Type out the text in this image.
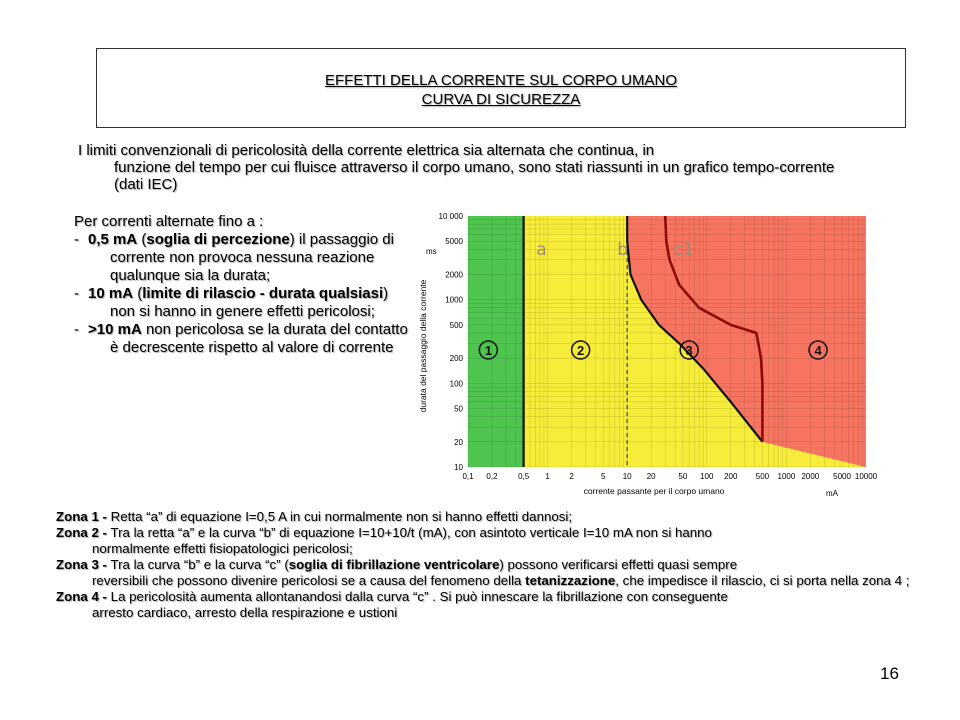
EFFETTI DELLA CORRENTE SUL CORPO UMANO
CURVA DI SICUREZZA
I limiti convenzionali di pericolosità della corrente elettrica sia alternata che continua, in
funzione del tempo per cui fluisce attraverso il corpo umano, sono stati riassunti in un grafico tempo-corrente (dati IEC)
Per correnti alternate fino a :
- 0,5 mA (soglia di percezione) il passaggio di corrente non provoca nessuna reazione qualunque sia la durata;
- 10 mA (limite di rilascio - durata qualsiasi) non si hanno in genere effetti pericolosi;
- >10 mA non pericolosa se la durata del contatto è decrescente rispetto al valore di corrente
0,1 0,2	0,5 1 2	5 10 20	50 100 200 500 1000 2000 5000 10000
10
20
50
100
200
500
1000
2000
5000
10 000
a	b	c1
1	2	3	4
ms
mA
corrente passante per il corpo umano
durata del passaggio della corrente
Zona 1 - Retta “a” di equazione I=0,5 A in cui normalmente non si hanno effetti dannosi;
Zona 2 - Tra la retta “a” e la curva “b” di equazione I=10+10/t (mA), con asintoto verticale I=10 mA non si hanno
normalmente effetti fisiopatologici pericolosi;
Zona 3 - Tra la curva “b” e la curva “c” (soglia di fibrillazione ventricolare) possono verificarsi effetti quasi sempre
reversibili che possono divenire pericolosi se a causa del fenomeno della tetanizzazione, che impedisce il rilascio, ci si porta nella zona 4 ;
Zona 4 - La pericolosità aumenta allontanandosi dalla curva “c” . Si può innescare la fibrillazione con conseguente
arresto cardiaco, arresto della respirazione e ustioni
16
